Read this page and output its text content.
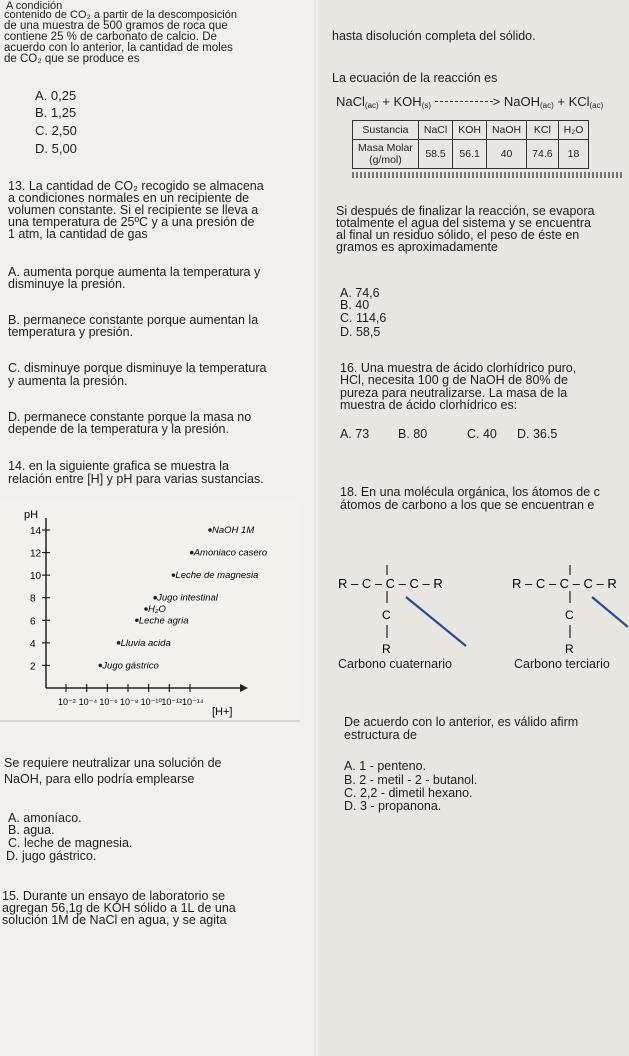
A condición
contenido de CO₂ a partir de la descomposición
de una muestra de 500 gramos de roca que
contiene 25 % de carbonato de calcio. De
acuerdo con lo anterior, la cantidad de moles
de CO₂ que se produce es
A. 0,25
B. 1,25
C. 2,50
D. 5,00
13. La cantidad de CO₂ recogido se almacena
a condiciones normales en un recipiente de
volumen constante. Si el recipiente se lleva a
una temperatura de 25ºC y a una presión de
1 atm, la cantidad de gas
A. aumenta porque aumenta la temperatura y
disminuye la presión.
B. permanece constante porque aumentan la
temperatura y presión.
C. disminuye porque disminuye la temperatura
y aumenta la presión.
D. permanece constante porque la masa no
depende de la temperatura y la presión.
14. en la siguiente grafica se muestra la
relación entre [H] y pH para varias sustancias.
pH
[H+]
2
4
6
8
10
12
14
10⁻² 10⁻⁴ 10⁻⁶ 10⁻⁸ 10⁻¹⁰ 10⁻¹² 10⁻¹⁴
NaOH 1M
Amoniaco casero
Leche de magnesia
Jugo intestinal
H₂O
Leche agria
Lluvia acida
Jugo gástrico
Se requiere neutralizar una solución de
NaOH, para ello podría emplearse
A. amoníaco.
B. agua.
C. leche de magnesia.
D. jugo gástrico.
15. Durante un ensayo de laboratorio se
agregan 56,1g de KOH sólido a 1L de una
solución 1M de NaCl en agua, y se agita
hasta disolución completa del sólido.
La ecuación de la reacción es
NaCl$_{(ac)}$ + $KOH_{(s)}$	> NaOH$_{(ac)}$ + KCl$_{(ac)}$
Sustancia	NaCl	KOH	NaOH	KCl	H₂O
Masa Molar
(g/mol)	58.5	56.1	40	74.6	18
Si después de finalizar la reacción, se evapora
totalmente el agua del sistema y se encuentra
al final un residuo sólido, el peso de éste en
gramos es aproximadamente
A. 74,6
B. 40
C. 114,6
D. 58,5
16. Una muestra de ácido clorhídrico puro,
HCl, necesita 100 g de NaOH de 80% de
pureza para neutralizarse. La masa de la
muestra de ácido clorhídrico es:
A. 73 B. 80	C. 40 D. 36.5
18. En una molécula orgánica, los átomos de c
átomos de carbono a los que se encuentran e
R – C – C – C – R
C
R
R – C – C – C – R
C
R
Carbono cuaternario	Carbono terciario
De acuerdo con lo anterior, es válido afirm
estructura de
A. 1 - penteno.
B. 2 - metil - 2 - butanol.
C. 2,2 - dimetil hexano.
D. 3 - propanona.
